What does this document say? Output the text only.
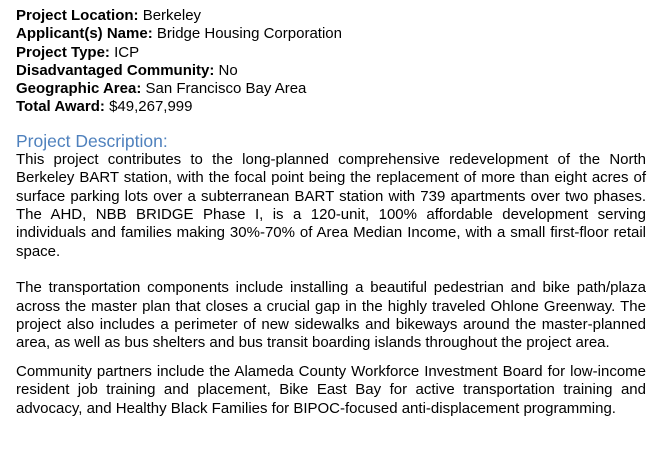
Project Location: Berkeley
Applicant(s) Name: Bridge Housing Corporation
Project Type: ICP
Disadvantaged Community: No
Geographic Area: San Francisco Bay Area
Total Award: $49,267,999
Project Description:

This project contributes to the long-planned comprehensive redevelopment of the North Berkeley BART station, with the focal point being the replacement of more than eight acres of surface parking lots over a subterranean BART station with 739 apartments over two phases. The AHD, NBB BRIDGE Phase I, is a 120-unit, 100% affordable development serving individuals and families making 30%-70% of Area Median Income, with a small first-floor retail space.

The transportation components include installing a beautiful pedestrian and bike path/plaza across the master plan that closes a crucial gap in the highly traveled Ohlone Greenway. The project also includes a perimeter of new sidewalks and bikeways around the master-planned area, as well as bus shelters and bus transit boarding islands throughout the project area.

Community partners include the Alameda County Workforce Investment Board for low-income resident job training and placement, Bike East Bay for active transportation training and advocacy, and Healthy Black Families for BIPOC-focused anti-displacement programming.
